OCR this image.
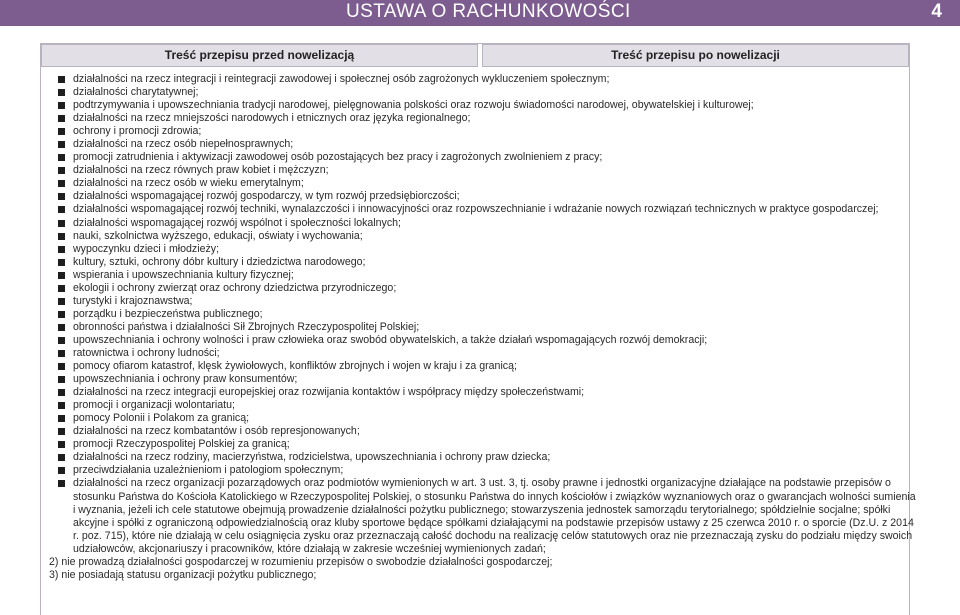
USTAWA O RACHUNKOWOŚCI	4
Treść przepisu przed nowelizacją	Treść przepisu po nowelizacji
działalności na rzecz integracji i reintegracji zawodowej i społecznej osób zagrożonych wykluczeniem społecznym;
działalności charytatywnej;
podtrzymywania i upowszechniania tradycji narodowej, pielęgnowania polskości oraz rozwoju świadomości narodowej, obywatelskiej i kulturowej;
działalności na rzecz mniejszości narodowych i etnicznych oraz języka regionalnego;
ochrony i promocji zdrowia;
działalności na rzecz osób niepełnosprawnych;
promocji zatrudnienia i aktywizacji zawodowej osób pozostających bez pracy i zagrożonych zwolnieniem z pracy;
działalności na rzecz równych praw kobiet i mężczyzn;
działalności na rzecz osób w wieku emerytalnym;
działalności wspomagającej rozwój gospodarczy, w tym rozwój przedsiębiorczości;
działalności wspomagającej rozwój techniki, wynalazczości i innowacyjności oraz rozpowszechnianie i wdrażanie nowych rozwiązań technicznych w praktyce gospodarczej;
działalności wspomagającej rozwój wspólnot i społeczności lokalnych;
nauki, szkolnictwa wyższego, edukacji, oświaty i wychowania;
wypoczynku dzieci i młodzieży;
kultury, sztuki, ochrony dóbr kultury i dziedzictwa narodowego;
wspierania i upowszechniania kultury fizycznej;
ekologii i ochrony zwierząt oraz ochrony dziedzictwa przyrodniczego;
turystyki i krajoznawstwa;
porządku i bezpieczeństwa publicznego;
obronności państwa i działalności Sił Zbrojnych Rzeczypospolitej Polskiej;
upowszechniania i ochrony wolności i praw człowieka oraz swobód obywatelskich, a także działań wspomagających rozwój demokracji;
ratownictwa i ochrony ludności;
pomocy ofiarom katastrof, klęsk żywiołowych, konfliktów zbrojnych i wojen w kraju i za granicą;
upowszechniania i ochrony praw konsumentów;
działalności na rzecz integracji europejskiej oraz rozwijania kontaktów i współpracy między społeczeństwami;
promocji i organizacji wolontariatu;
pomocy Polonii i Polakom za granicą;
działalności na rzecz kombatantów i osób represjonowanych;
promocji Rzeczypospolitej Polskiej za granicą;
działalności na rzecz rodziny, macierzyństwa, rodzicielstwa, upowszechniania i ochrony praw dziecka;
przeciwdziałania uzależnieniom i patologiom społecznym;
działalności na rzecz organizacji pozarządowych oraz podmiotów wymienionych w art. 3 ust. 3, tj. osoby prawne i jednostki organizacyjne działające na podstawie przepisów o stosunku Państwa do Kościoła Katolickiego w Rzeczypospolitej Polskiej, o stosunku Państwa do innych kościołów i związków wyznaniowych oraz o gwarancjach wolności sumienia i wyznania, jeżeli ich cele statutowe obejmują prowadzenie działalności pożytku publicznego; stowarzyszenia jednostek samorządu terytorialnego; spółdzielnie socjalne; spółki akcyjne i spółki z ograniczoną odpowiedzialnością oraz kluby sportowe będące spółkami działającymi na podstawie przepisów ustawy z 25 czerwca 2010 r. o sporcie (Dz.U. z 2014 r. poz. 715), które nie działają w celu osiągnięcia zysku oraz przeznaczają całość dochodu na realizację celów statutowych oraz nie przeznaczają zysku do podziału między swoich udziałowców, akcjonariuszy i pracowników, które działają w zakresie wcześniej wymienionych zadań;
2) nie prowadzą działalności gospodarczej w rozumieniu przepisów o swobodzie działalności gospodarczej;
3) nie posiadają statusu organizacji pożytku publicznego;
